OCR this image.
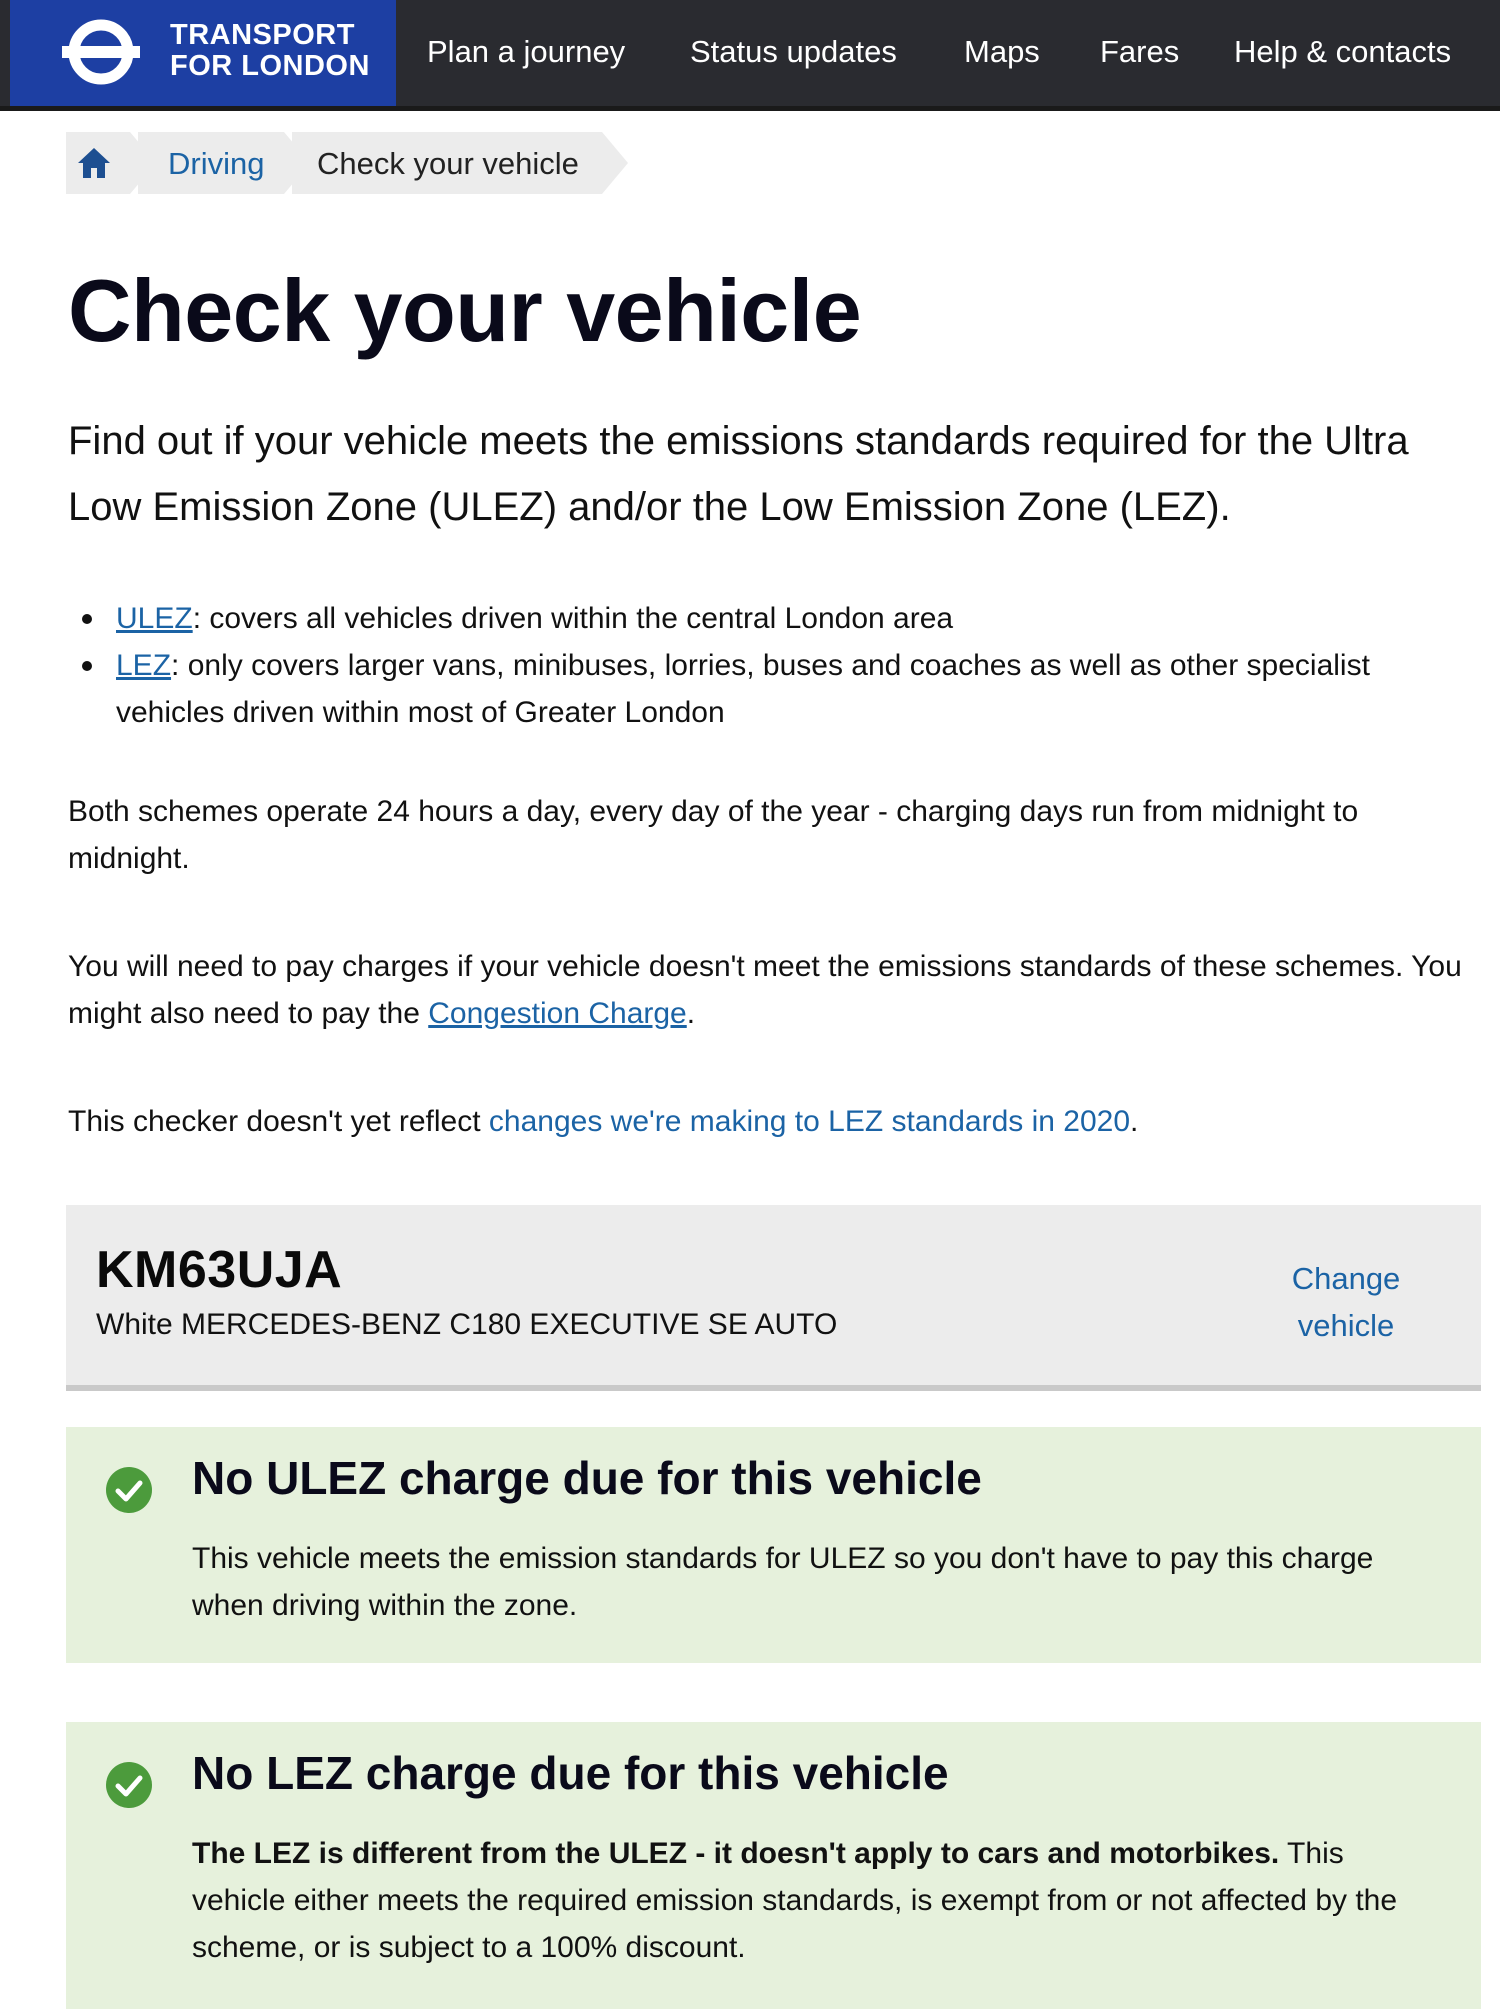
TRANSPORT
FOR LONDON Plan a journey Status updates Maps Fares Help & contacts
Driving Check your vehicle
Check your vehicle

Find out if your vehicle meets the emissions standards required for the Ultra Low Emission Zone (ULEZ) and/or the Low Emission Zone (LEZ).

ULEZ: covers all vehicles driven within the central London area
LEZ: only covers larger vans, minibuses, lorries, buses and coaches as well as other specialist vehicles driven within most of Greater London

Both schemes operate 24 hours a day, every day of the year - charging days run from midnight to midnight.

You will need to pay charges if your vehicle doesn't meet the emissions standards of these schemes. You might also need to pay the Congestion Charge.

This checker doesn't yet reflect changes we're making to LEZ standards in 2020.

KM63UJA
White MERCEDES-BENZ C180 EXECUTIVE SE AUTO
Change
vehicle
No ULEZ charge due for this vehicle

This vehicle meets the emission standards for ULEZ so you don't have to pay this charge when driving within the zone.

No LEZ charge due for this vehicle

The LEZ is different from the ULEZ - it doesn't apply to cars and motorbikes. This vehicle either meets the required emission standards, is exempt from or not affected by the scheme, or is subject to a 100% discount.
